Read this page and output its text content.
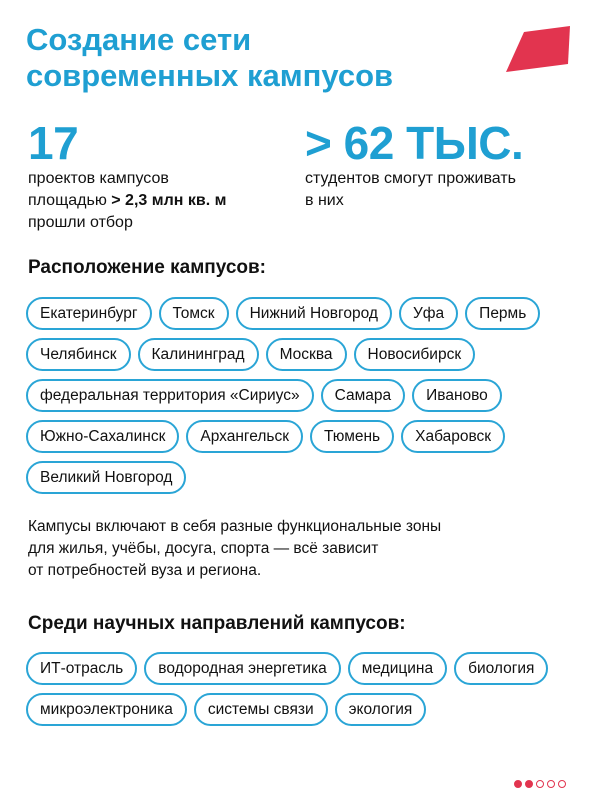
Создание сети
современных кампусов
17
проектов кампусов
площадью > 2,3 млн кв. м
прошли отбор
> 62 ТЫС.
студентов смогут проживать
в них
Расположение кампусов:
Екатеринбург	Томск	Нижний Новгород	Уфа	Пермь
Челябинск	Калининград	Москва	Новосибирск
федеральная территория «Сириус»	Самара	Иваново
Южно-Сахалинск	Архангельск	Тюмень	Хабаровск
Великий Новгород

Кампусы включают в себя разные функциональные зоны
для жилья, учёбы, досуга, спорта — всё зависит
от потребностей вуза и региона.

Среди научных направлений кампусов:
ИТ-отрасль	водородная энергетика	медицина	биология
микроэлектроника	системы связи	экология
